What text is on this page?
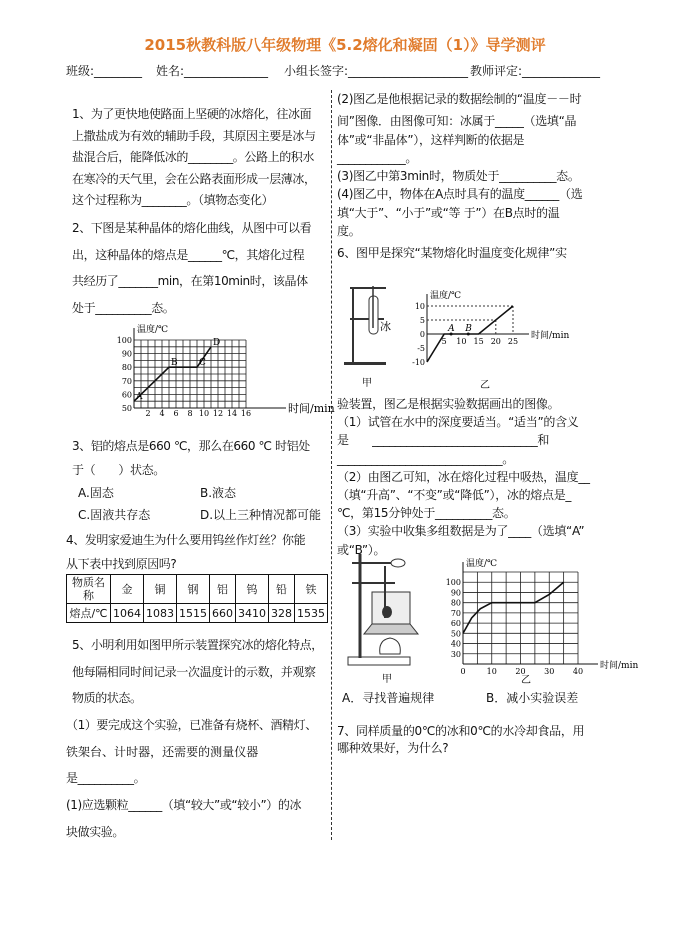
2015秋教科版八年级物理《5.2熔化和凝固（1）》导学测评
班级:________ 姓名:______________ 小组长签字:____________________ 教师评定:_____________
1、为了更快地使路面上坚硬的冰熔化，往冰面
上撒盐成为有效的辅助手段，其原因主要是冰与
盐混合后，能降低冰的________。公路上的积水
在寒冷的天气里，会在公路表面形成一层薄冰，
这个过程称为________。（填物态变化）
2、下图是某种晶体的熔化曲线，从图中可以看
出，这种晶体的熔点是______℃，其熔化过程
共经历了_______min，在第10min时，该晶体
处于__________态。
温度/℃
时间/min
2 4 6 8 10 12 14 16
50
60
70
80
90
100
A
B C
D
3、铝的熔点是660 ℃，那么在660 ℃ 时铝处
于（　　）状态。
A.固态	B.液态
C.固液共存态	D.以上三种情况都可能
4、发明家爱迪生为什么要用钨丝作灯丝？你能
从下表中找到原因吗?
物质名称	金	铜	钢	铝	钨	铅	铁
熔点/℃	1064	1083	1515	660	3410	328	1535
5、小明利用如图甲所示装置探究冰的熔化特点，
他每隔相同时间记录一次温度计的示数，并观察
物质的状态。
（1）要完成这个实验，已准备有烧杯、酒精灯、
铁 架 台 、 计 时 器 ， 还 需 要 的 测 量 仪 器
是__________。
(1)应选颗粒______（填“较大”或“较小”）的冰
块做实验。
(2)图乙是他根据记录的数据绘制的“温度－－时
间”图像．由图像可知：冰属于_____（选填“晶
体”或“非晶体”），这样判断的依据是
____________。
(3)图乙中第3min时，物质处于__________态。
(4)图乙中，物体在A点时具有的温度______（选
填“大于”、“小于”或“等 于”）在B点时的温
度。
6、图甲是探究“某物熔化时温度变化规律”实
冰
甲
温度/℃
时间/min
5 10 15 20 25
-10
-5
0
5
10
A B
乙
验装置，图乙是根据实验数据画出的图像。
（1）试管在水中的深度要适当。“适当”的含义
是　　_____________________________和
_____________________________。
（2）由图乙可知，冰在熔化过程中吸热，温度__
（填“升高”、“不变”或“降低”），冰的熔点是_
℃，第15分钟处于__________态。
（3）实验中收集多组数据是为了____（选填“A”
或“B”）。
甲
温度/℃
时间/min
0	10 20 30 40
30
40
50
60
70
80
90
100
乙
A．寻找普遍规律	B．减小实验误差
7、同样质量的0℃的冰和0℃的水冷却食品，用
哪种效果好，为什么?
